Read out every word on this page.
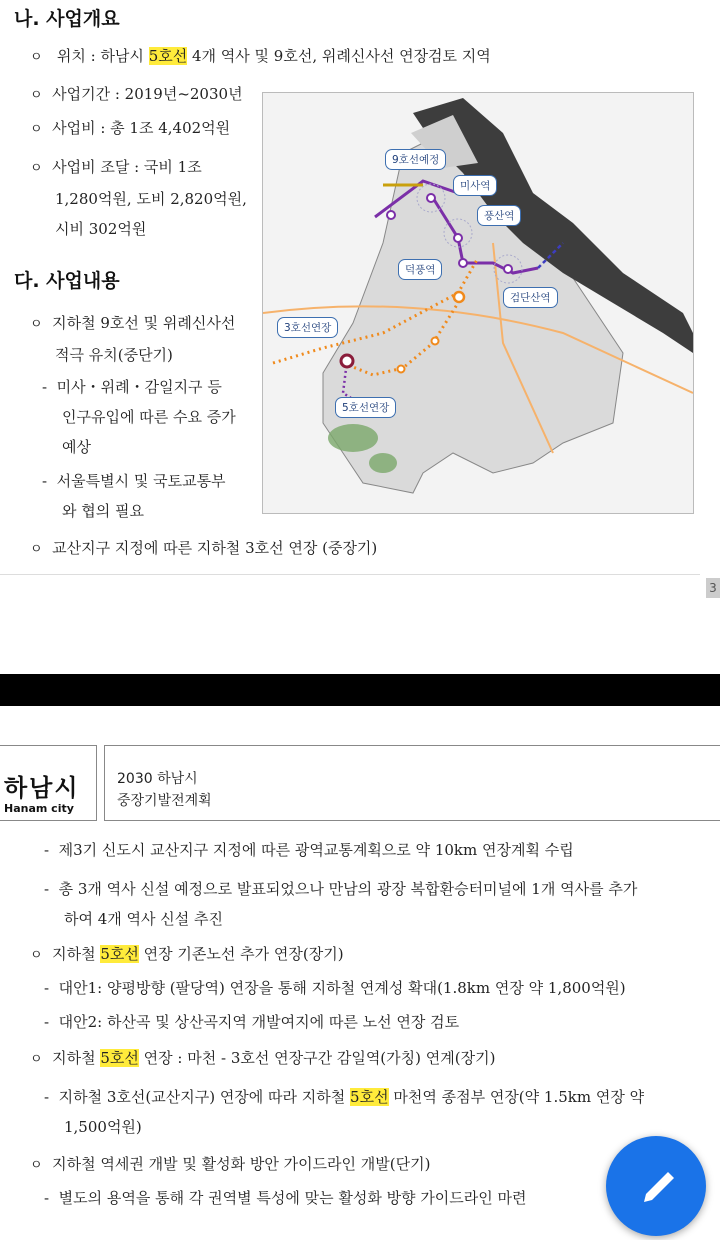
나. 사업개요

ㅇ 위치 : 하남시 5호선 4개 역사 및 9호선, 위례신사선 연장검토 지역

ㅇ 사업기간 : 2019년~2030년

ㅇ 사업비 : 총 1조 4,402억원

ㅇ 사업비 조달 : 국비 1조

1,280억원, 도비 2,820억원,

시비 302억원

다. 사업내용

ㅇ 지하철 9호선 및 위례신사선

적극 유치(중단기)

- 미사・위례・감일지구 등

인구유입에 따른 수요 증가

예상

- 서울특별시 및 국토교통부

와 협의 필요

ㅇ 교산지구 지정에 따른 지하철 3호선 연장 (중장기)

3
9호선예정
미사역
풍산역
덕풍역
검단산역
3호선연장
5호선연장
하남시
Hanam city
2030 하남시
중장기발전계획

- 제3기 신도시 교산지구 지정에 따른 광역교통계획으로 약 10km 연장계획 수립

- 총 3개 역사 신설 예정으로 발표되었으나 만남의 광장 복합환승터미널에 1개 역사를 추가

하여 4개 역사 신설 추진

ㅇ 지하철 5호선 연장 기존노선 추가 연장(장기)

- 대안1: 양평방향 (팔당역) 연장을 통해 지하철 연계성 확대(1.8km 연장 약 1,800억원)

- 대안2: 하산곡 및 상산곡지역 개발여지에 따른 노선 연장 검토

ㅇ 지하철 5호선 연장 : 마천 - 3호선 연장구간 감일역(가칭) 연계(장기)

- 지하철 3호선(교산지구) 연장에 따라 지하철 5호선 마천역 종점부 연장(약 1.5km 연장 약

1,500억원)

ㅇ 지하철 역세권 개발 및 활성화 방안 가이드라인 개발(단기)

- 별도의 용역을 통해 각 권역별 특성에 맞는 활성화 방향 가이드라인 마련
